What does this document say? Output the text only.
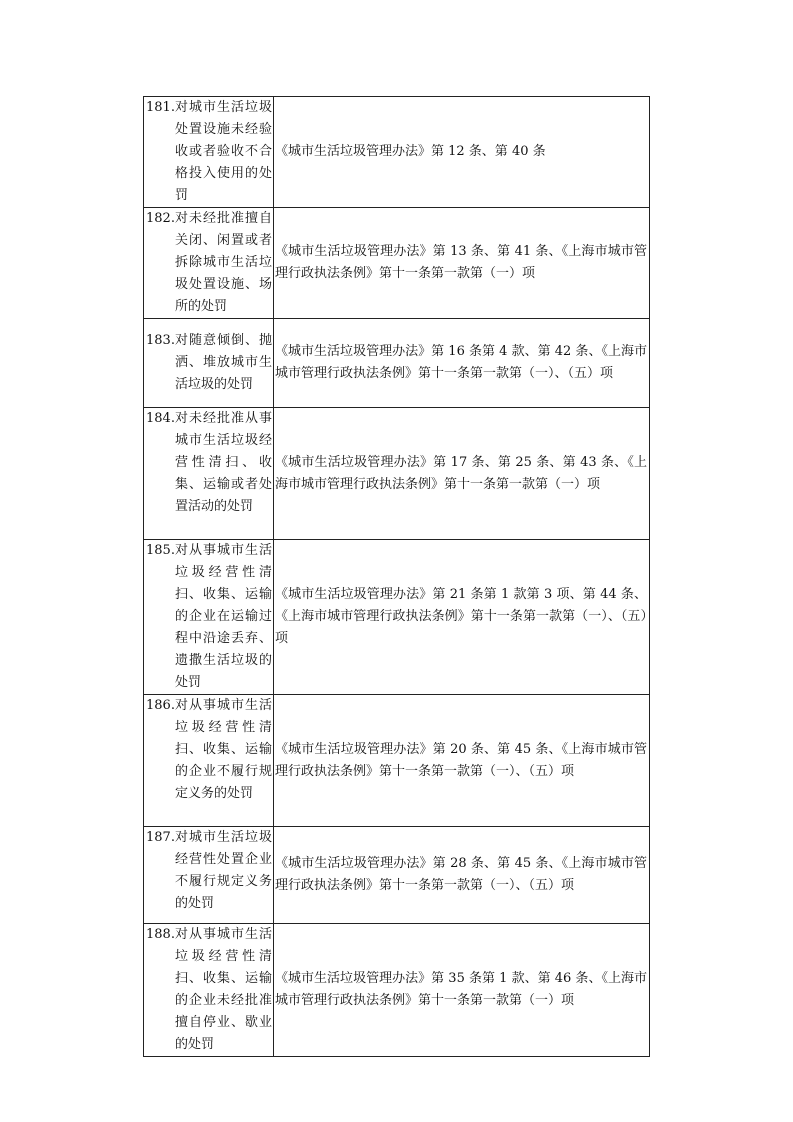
181. 对城市生活垃圾处置设施未经验收或者验收不合格投入使用的处罚	《城市生活垃圾管理办法》第 12 条、第 40 条

182. 对未经批准擅自关闭、闲置或者拆除城市生活垃圾处置设施、场所的处罚	《城市生活垃圾管理办法》第 13 条、第 41 条、《上海市城市管理行政执法条例》第十一条第一款第（一）项

183. 对随意倾倒、抛洒、堆放城市生活垃圾的处罚	《城市生活垃圾管理办法》第 16 条第 4 款、第 42 条、《上海市城市管理行政执法条例》第十一条第一款第（一）、（五）项

184. 对未经批准从事城市生活垃圾经营性清扫、收集、运输或者处置活动的处罚	《城市生活垃圾管理办法》第 17 条、第 25 条、第 43 条、《上海市城市管理行政执法条例》第十一条第一款第（一）项

185. 对从事城市生活垃圾经营性清扫、收集、运输的企业在运输过程中沿途丢弃、遗撒生活垃圾的处罚	《城市生活垃圾管理办法》第 21 条第 1 款第 3 项、第 44 条、《上海市城市管理行政执法条例》第十一条第一款第（一）、（五）项

186. 对从事城市生活垃圾经营性清扫、收集、运输的企业不履行规定义务的处罚	《城市生活垃圾管理办法》第 20 条、第 45 条、《上海市城市管理行政执法条例》第十一条第一款第（一）、（五）项

187. 对城市生活垃圾经营性处置企业不履行规定义务的处罚	《城市生活垃圾管理办法》第 28 条、第 45 条、《上海市城市管理行政执法条例》第十一条第一款第（一）、（五）项

188. 对从事城市生活垃圾经营性清扫、收集、运输的企业未经批准擅自停业、歇业的处罚	《城市生活垃圾管理办法》第 35 条第 1 款、第 46 条、《上海市城市管理行政执法条例》第十一条第一款第（一）项
